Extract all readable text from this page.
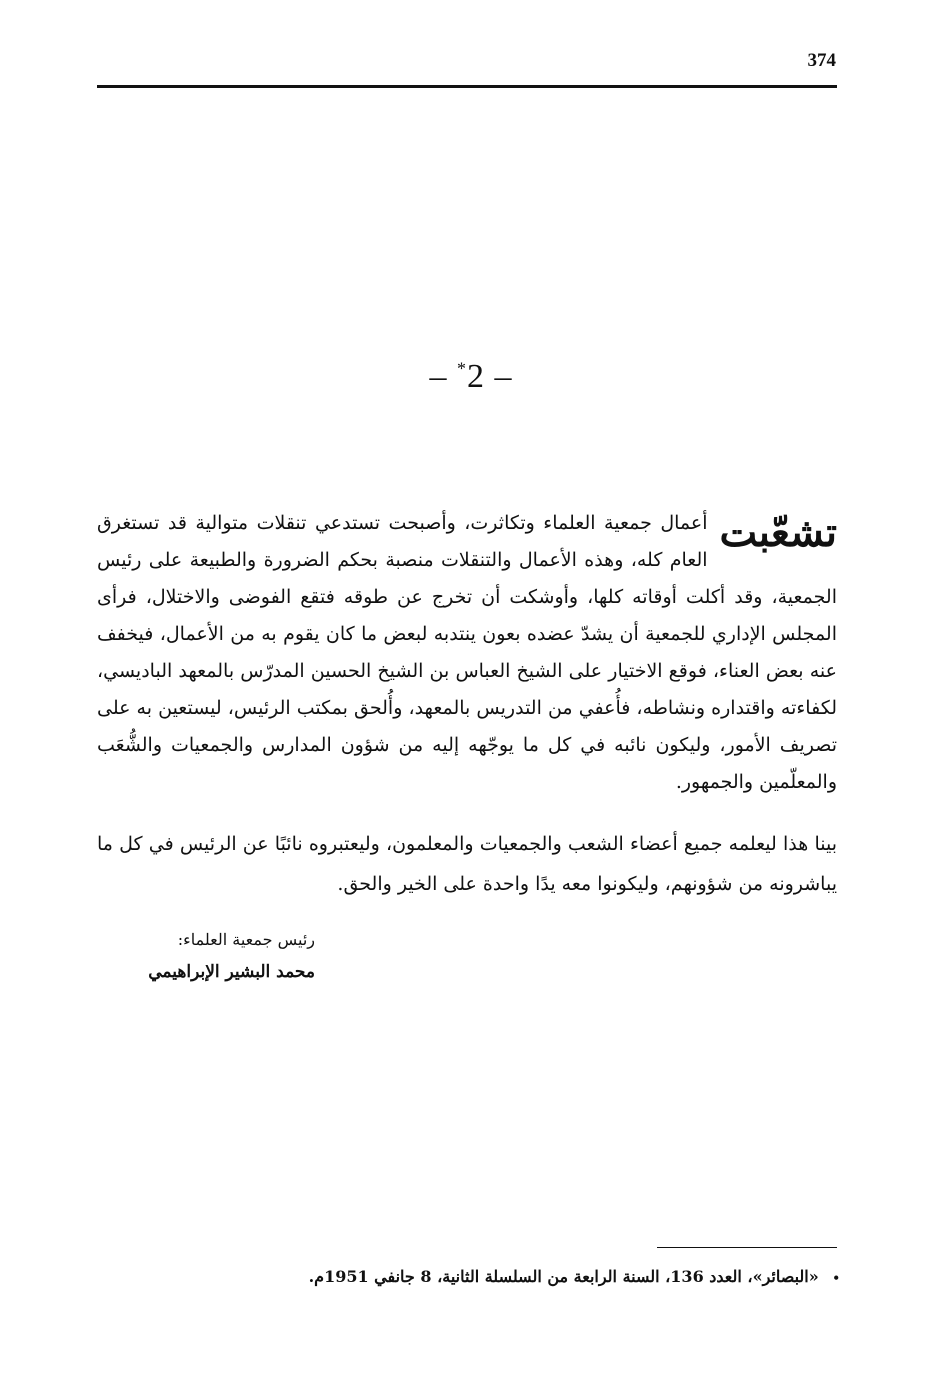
374
– *2 –
تشعّبت
أعمال جمعية العلماء وتكاثرت، وأصبحت تستدعي تنقلات متوالية قد تستغرق العام كله، وهذه الأعمال والتنقلات منصبة بحكم الضرورة والطبيعة على رئيس الجمعية، وقد أكلت أوقاته كلها، وأوشكت أن تخرج عن طوقه فتقع الفوضى والاختلال، فرأى المجلس الإداري للجمعية أن يشدّ عضده بعون ينتدبه لبعض ما كان يقوم به من الأعمال، فيخفف عنه بعض العناء، فوقع الاختيار على الشيخ العباس بن الشيخ الحسين المدرّس بالمعهد الباديسي، لكفاءته واقتداره ونشاطه، فأُعفي من التدريس بالمعهد، وأُلحق بمكتب الرئيس، ليستعين به على تصريف الأمور، وليكون نائبه في كل ما يوجّهه إليه من شؤون المدارس والجمعيات والشُّعَب والمعلّمين والجمهور.
بينا هذا ليعلمه جميع أعضاء الشعب والجمعيات والمعلمون، وليعتبروه نائبًا عن الرئيس في كل ما يباشرونه من شؤونهم، وليكونوا معه يدًا واحدة على الخير والحق.
رئيس جمعية العلماء:
محمد البشير الإبراهيمي
• «البصائر»، العدد 136، السنة الرابعة من السلسلة الثانية، 8 جانفي 1951م.
